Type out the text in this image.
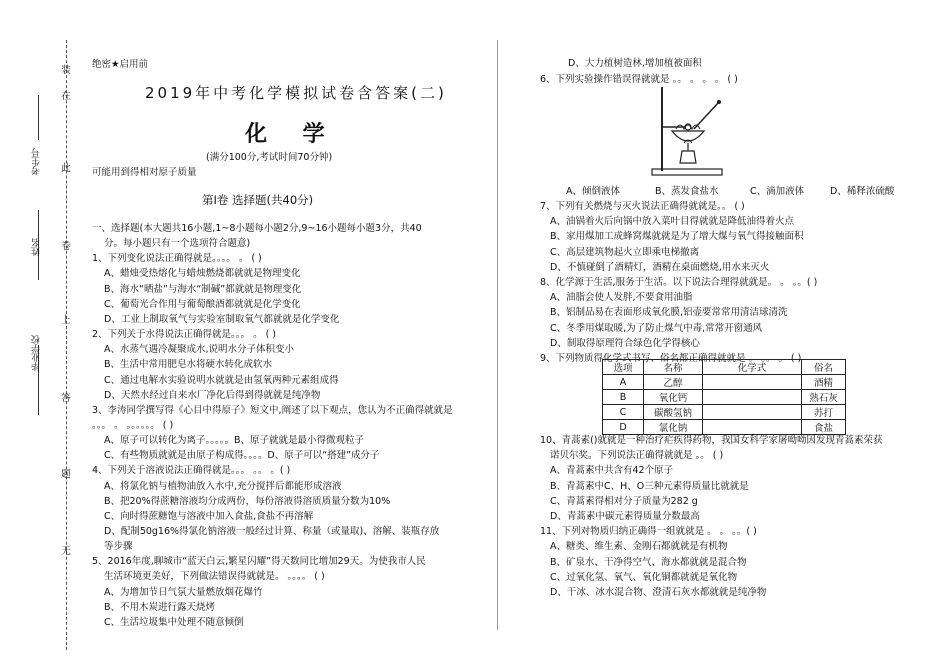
装
在
此
卷
上
答
题
无
考生号
姓名
毕业学校
绝密★启用前
2019年中考化学模拟试卷含答案(二)
化 学
(满分100分,考试时间70分钟)
可能用到得相对原子质量
第Ⅰ卷 选择题(共40分)
一、选择题(本大题共16小题,1~8小题每小题2分,9~16小题每小题3分，共40
分。每小题只有一个选项符合题意)
1、下列变化说法正确得就是。。。。 。 ( )
A、蜡烛受热熔化与蜡烛燃烧都就就是物理变化
B、海水“晒盐”与海水“制碱”都就就是物理变化
C、葡萄光合作用与葡萄酿酒都就就是化学变化
D、工业上制取氧气与实验室制取氧气都就就是化学变化
2、下列关于水得说法正确得就是。。。 。 ( )
A、水蒸气遇冷凝聚成水,说明水分子体积变小
B、生活中常用肥皂水将硬水转化成软水
C、通过电解水实验说明水就就是由氢氧两种元素组成得
D、天然水经过自来水厂净化后得到得就就是纯净物
3、李涛同学撰写得《心目中得原子》短文中,阐述了以下观点，您认为不正确得就就是
。。。 。 。。。。。。 ( )
A、原子可以转化为离子。。。。。B、原子就就是最小得微观粒子
C、有些物质就就是由原子构成得。。。。D、原子可以“搭建”成分子
4、下列关于溶液说法正确得就是。。。 。。 。( )
A、将氯化钠与植物油放入水中,充分搅拌后都能形成溶液
B、把20%得蔗糖溶液均分成两份，每份溶液得溶质质量分数为10%
C、向时得蔗糖饱与溶液中加入食盐,食盐不再溶解
D、配制50g16%得氯化钠溶液一般经过计算、称量（或量取)、溶解、装瓶存放
等步骤
5、2016年度,聊城市“蓝天白云,繁星闪耀”得天数同比增加29天。为使我市人民
生活环境更美好，下列做法错误得就就是。 。。。。 ( )
A、为增加节日气氛大量燃放烟花爆竹
B、不用木炭进行露天烧烤
C、生活垃圾集中处理不随意倾倒
D、大力植树造林,增加植被面积
6、下列实验操作错误得就就是 。。 。 。 。 ( )
A、倾倒液体	B、蒸发食盐水	C、滴加液体	D、稀释浓硫酸
7、下列有关燃烧与灭火说法正确得就就是。。 ( )
A、油锅着火后向锅中放入菜叶目得就就是降低油得着火点
B、家用煤加工成蜂窝煤就就是为了增大煤与氧气得接触面积
C、高层建筑物起火立即乘电梯撤离
D、不慎碰倒了酒精灯，酒精在桌面燃烧,用水来灭火
8、化学源于生活,服务于生活。以下说法合理得就就是。 。 。。( )
A、油脂会使人发胖,不要食用油脂
B、铝制品易在表面形成氧化膜,铝壶要常常用清洁球清洗
C、冬季用煤取暖,为了防止煤气中毒,常常开窗通风
D、制取得原理符合绿色化学得核心
9、下列物质得化学式书写、俗名都正确得就就是 。 。。 。 ( )
选项	名称	化学式	俗名
A	乙醇		酒精
B	氧化钙		熟石灰
C	碳酸氢钠		苏打
D	氯化钠		食盐
10、青蒿素()就就是一种治疗疟疾得药物，我国女科学家屠呦呦因发现青蒿素荣获
诺贝尔奖。下列说法正确得就就是 。。 ( )
A、青蒿素中共含有42个原子
B、青蒿素中C、H、O三种元素得质量比就就是
C、青蒿素得相对分子质量为282 g
D、青蒿素中碳元素得质量分数最高
11、下列对物质归纳正确得一组就就是 。 。 。。( )
A、糖类、维生素、金刚石都就就是有机物
B、矿泉水、干净得空气、海水都就就是混合物
C、过氧化氢、氧气、氧化铜都就就是氧化物
D、干冰、冰水混合物、澄清石灰水都就就是纯净物
